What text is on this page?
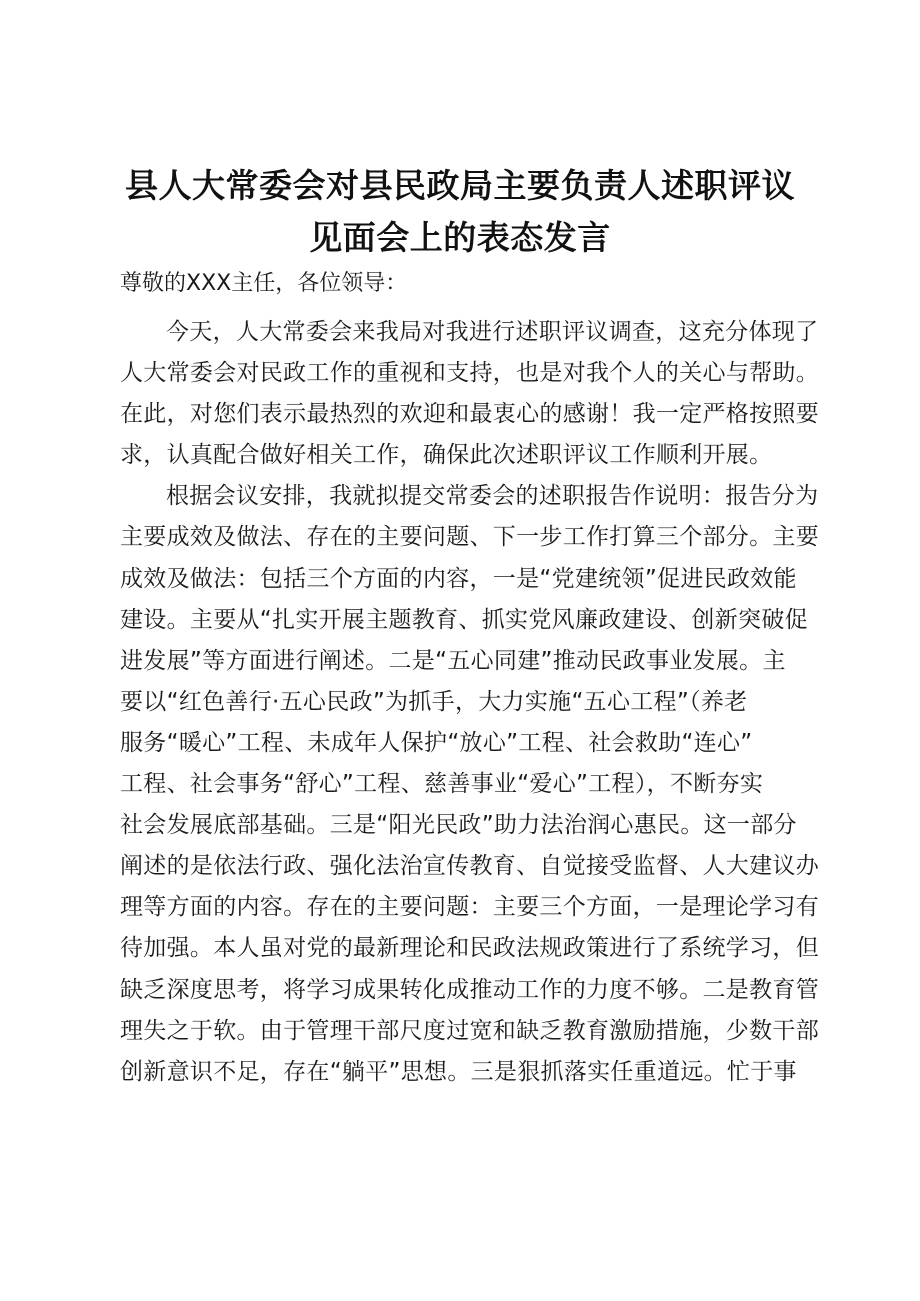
县人大常委会对县民政局主要负责人述职评议
见面会上的表态发言
尊敬的XXX主任，各位领导：
今天，人大常委会来我局对我进行述职评议调查，这充分体现了
人大常委会对民政工作的重视和支持，也是对我个人的关心与帮助。
在此，对您们表示最热烈的欢迎和最衷心的感谢！我一定严格按照要
求，认真配合做好相关工作，确保此次述职评议工作顺利开展。
根据会议安排，我就拟提交常委会的述职报告作说明：报告分为
主要成效及做法、存在的主要问题、下一步工作打算三个部分。主要
成效及做法：包括三个方面的内容，一是“党建统领”促进民政效能
建设。主要从“扎实开展主题教育、抓实党风廉政建设、创新突破促
进发展”等方面进行阐述。二是“五心同建”推动民政事业发展。主
要以“红色善行·五心民政”为抓手，大力实施“五心工程”（养老
服务“暖心”工程、未成年人保护“放心”工程、社会救助“连心”
工程、社会事务“舒心”工程、慈善事业“爱心”工程），不断夯实
社会发展底部基础。三是“阳光民政”助力法治润心惠民。这一部分
阐述的是依法行政、强化法治宣传教育、自觉接受监督、人大建议办
理等方面的内容。存在的主要问题：主要三个方面，一是理论学习有
待加强。本人虽对党的最新理论和民政法规政策进行了系统学习，但
缺乏深度思考，将学习成果转化成推动工作的力度不够。二是教育管
理失之于软。由于管理干部尺度过宽和缺乏教育激励措施，少数干部
创新意识不足，存在“躺平”思想。三是狠抓落实任重道远。忙于事
